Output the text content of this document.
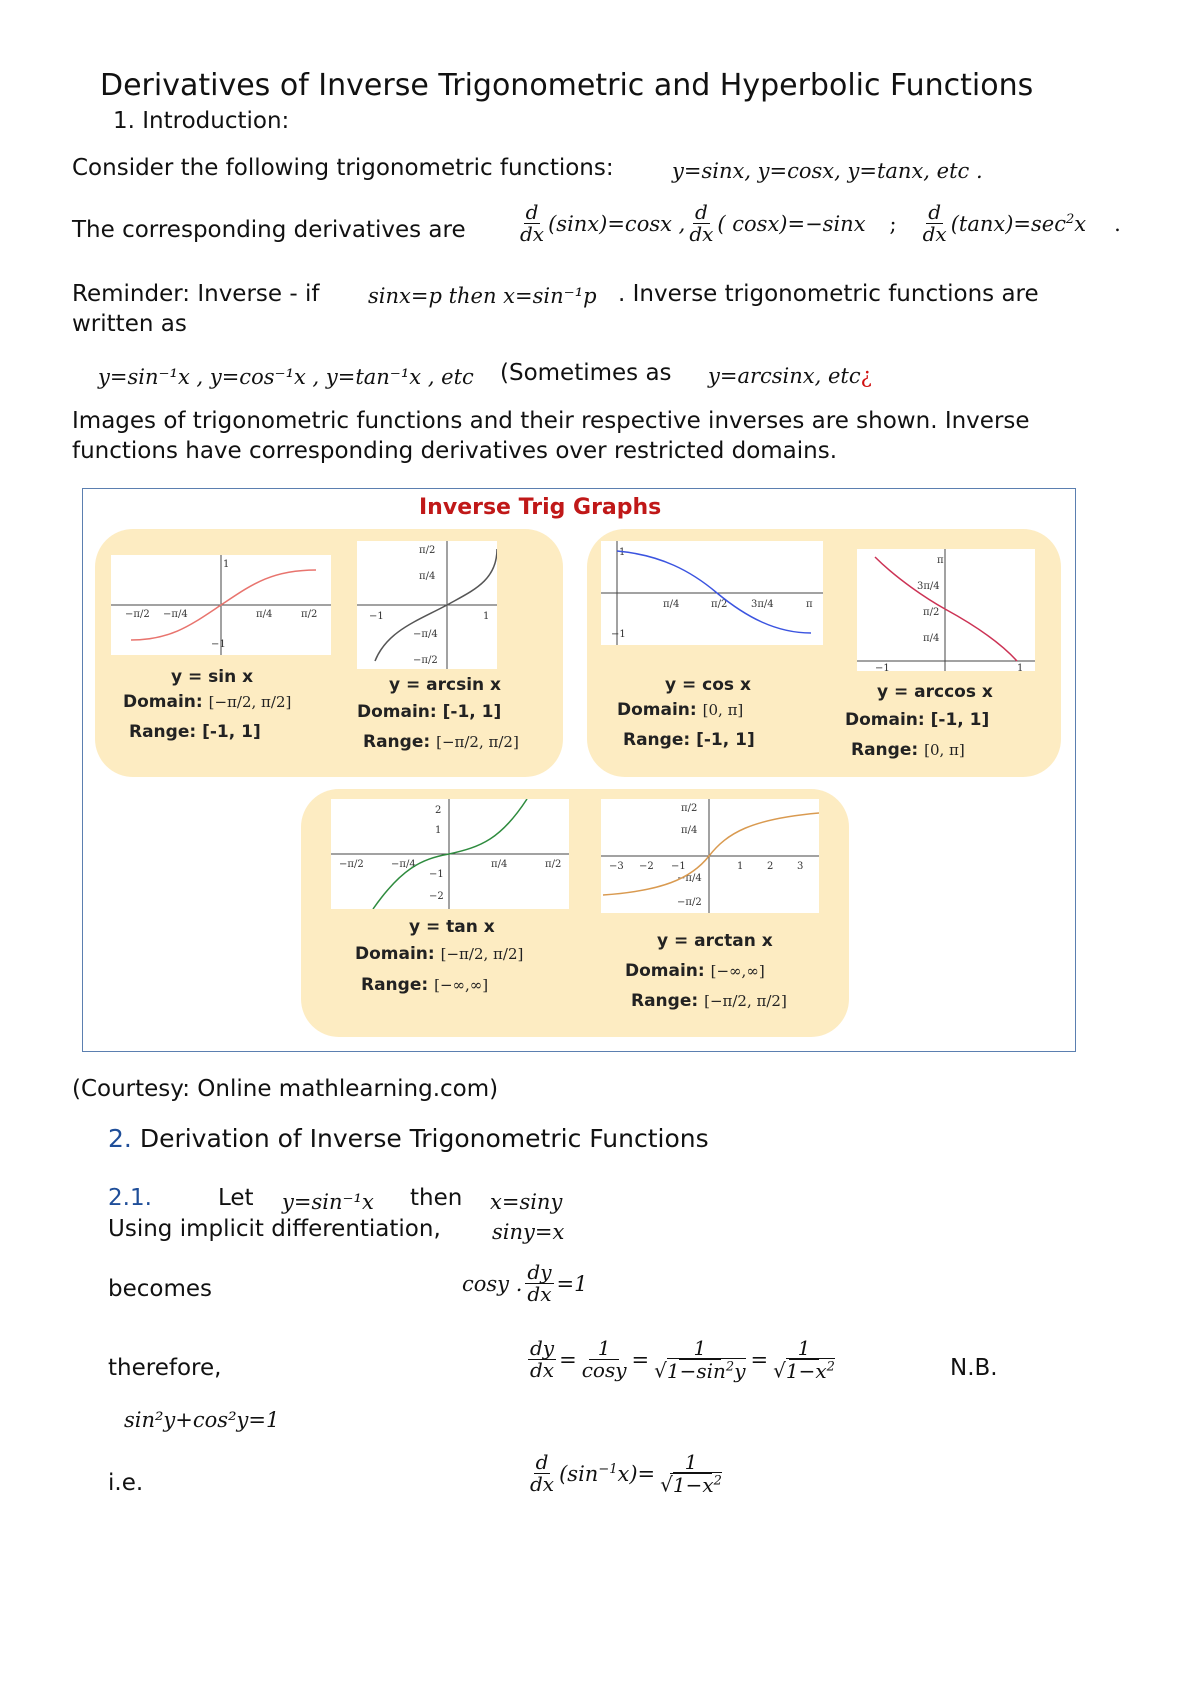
Derivatives of Inverse Trigonometric and Hyperbolic Functions
1. Introduction:
Consider the following trigonometric functions:	y=sinx, y=cosx, y=tanx, etc .
The corresponding derivatives are	$\frac{d}{dx} (\sin x)=\cos x$ , $\frac{d}{dx}$ ( cosx)=−sinx ; $\frac{d}{dx} (\tan x)=\sec^2x$ .
Reminder: Inverse - if sinx=p then x=sin⁻¹p . Inverse trigonometric functions are
written as
y=sin⁻¹x , y=cos⁻¹x , y=tan⁻¹x , etc (Sometimes as y=arcsinx, etc¿
Images of trigonometric functions and their respective inverses are shown. Inverse
functions have corresponding derivatives over restricted domains.
Inverse Trig Graphs
1
−1
−π/2 −π/4	π/4	π/2
π/2
π/4
−π/4
−π/2
−1	1
y = sin x
Domain: [−π/2, π/2]
Range: [-1, 1]
y = arcsin x
Domain: [-1, 1]
Range: [−π/2, π/2]
1
−1
π/4	π/2 3π/4	π
π
3π/4
π/2
π/4
−1	1
y = cos x
Domain: [0, π]
Range: [-1, 1]
y = arccos x
Domain: [-1, 1]
Range: [0, π]
2
1
−1
−2
−π/2	−π/4	π/4	π/2
π/2
π/4
−π/4
−π/2
−3 −2 −1	1 2 3
y = tan x
Domain: [−π/2, π/2]
Range: [−∞,∞]
y = arctan x
Domain: [−∞,∞]
Range: [−π/2, π/2]
(Courtesy: Online mathlearning.com)
2. Derivation of Inverse Trigonometric Functions
2.1.	Let y=sin⁻¹x then x=siny
Using implicit differentiation, siny=x
becomes	cosy . $\frac{dy}{dx} =1$
therefore,	$\frac{dy}{dx} = \frac{1}{\cos y} = \frac{1}{√1-\sin^2y} = \frac{1}{√1-x^2}$	N.B.
sin²y+cos²y=1
i.e.	$\frac{d}{dx} (\sin^{-1}x)= \frac{1}{√1-x^2}$
